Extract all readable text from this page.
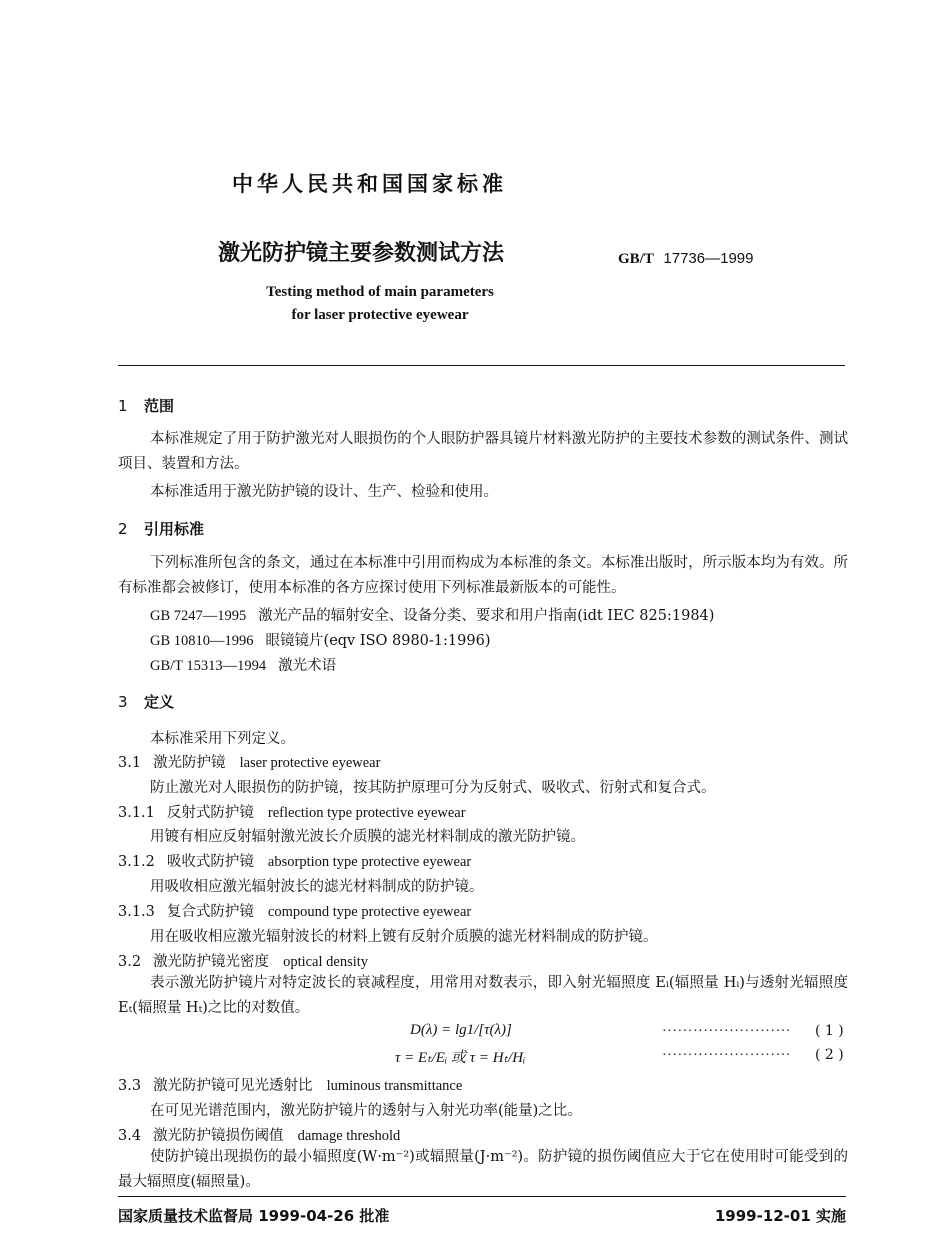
中华人民共和国国家标准
激光防护镜主要参数测试方法	GB/T 17736—1999
Testing method of main parameters
for laser protective eyewear
1 范围
本标准规定了用于防护激光对人眼损伤的个人眼防护器具镜片材料激光防护的主要技术参数的测试条件、测试项目、装置和方法。
本标准适用于激光防护镜的设计、生产、检验和使用。
2 引用标准
下列标准所包含的条文，通过在本标准中引用而构成为本标准的条文。本标准出版时，所示版本均为有效。所有标准都会被修订，使用本标准的各方应探讨使用下列标准最新版本的可能性。
GB 7247—1995 激光产品的辐射安全、设备分类、要求和用户指南(idt IEC 825:1984)
GB 10810—1996 眼镜镜片(eqv ISO 8980-1:1996)
GB/T 15313—1994 激光术语
3 定义
本标准采用下列定义。
3.1 激光防护镜 laser protective eyewear
防止激光对人眼损伤的防护镜，按其防护原理可分为反射式、吸收式、衍射式和复合式。
3.1.1 反射式防护镜 reflection type protective eyewear
用镀有相应反射辐射激光波长介质膜的滤光材料制成的激光防护镜。
3.1.2 吸收式防护镜 absorption type protective eyewear
用吸收相应激光辐射波长的滤光材料制成的防护镜。
3.1.3 复合式防护镜 compound type protective eyewear
用在吸收相应激光辐射波长的材料上镀有反射介质膜的滤光材料制成的防护镜。
3.2 激光防护镜光密度 optical density
表示激光防护镜片对特定波长的衰减程度，用常用对数表示，即入射光辐照度 Eᵢ(辐照量 Hᵢ)与透射光辐照度 Eₜ(辐照量 Hₜ)之比的对数值。
D(λ) = lg1/[τ(λ)]	························· ( 1 )
τ = Eₜ/Eᵢ 或 τ = Hₜ/Hᵢ	························· ( 2 )
3.3 激光防护镜可见光透射比 luminous transmittance
在可见光谱范围内，激光防护镜片的透射与入射光功率(能量)之比。
3.4 激光防护镜损伤阈值 damage threshold
使防护镜出现损伤的最小辐照度(W·m⁻²)或辐照量(J·m⁻²)。防护镜的损伤阈值应大于它在使用时可能受到的最大辐照度(辐照量)。
国家质量技术监督局 1999-04-26 批准	1999-12-01 实施
